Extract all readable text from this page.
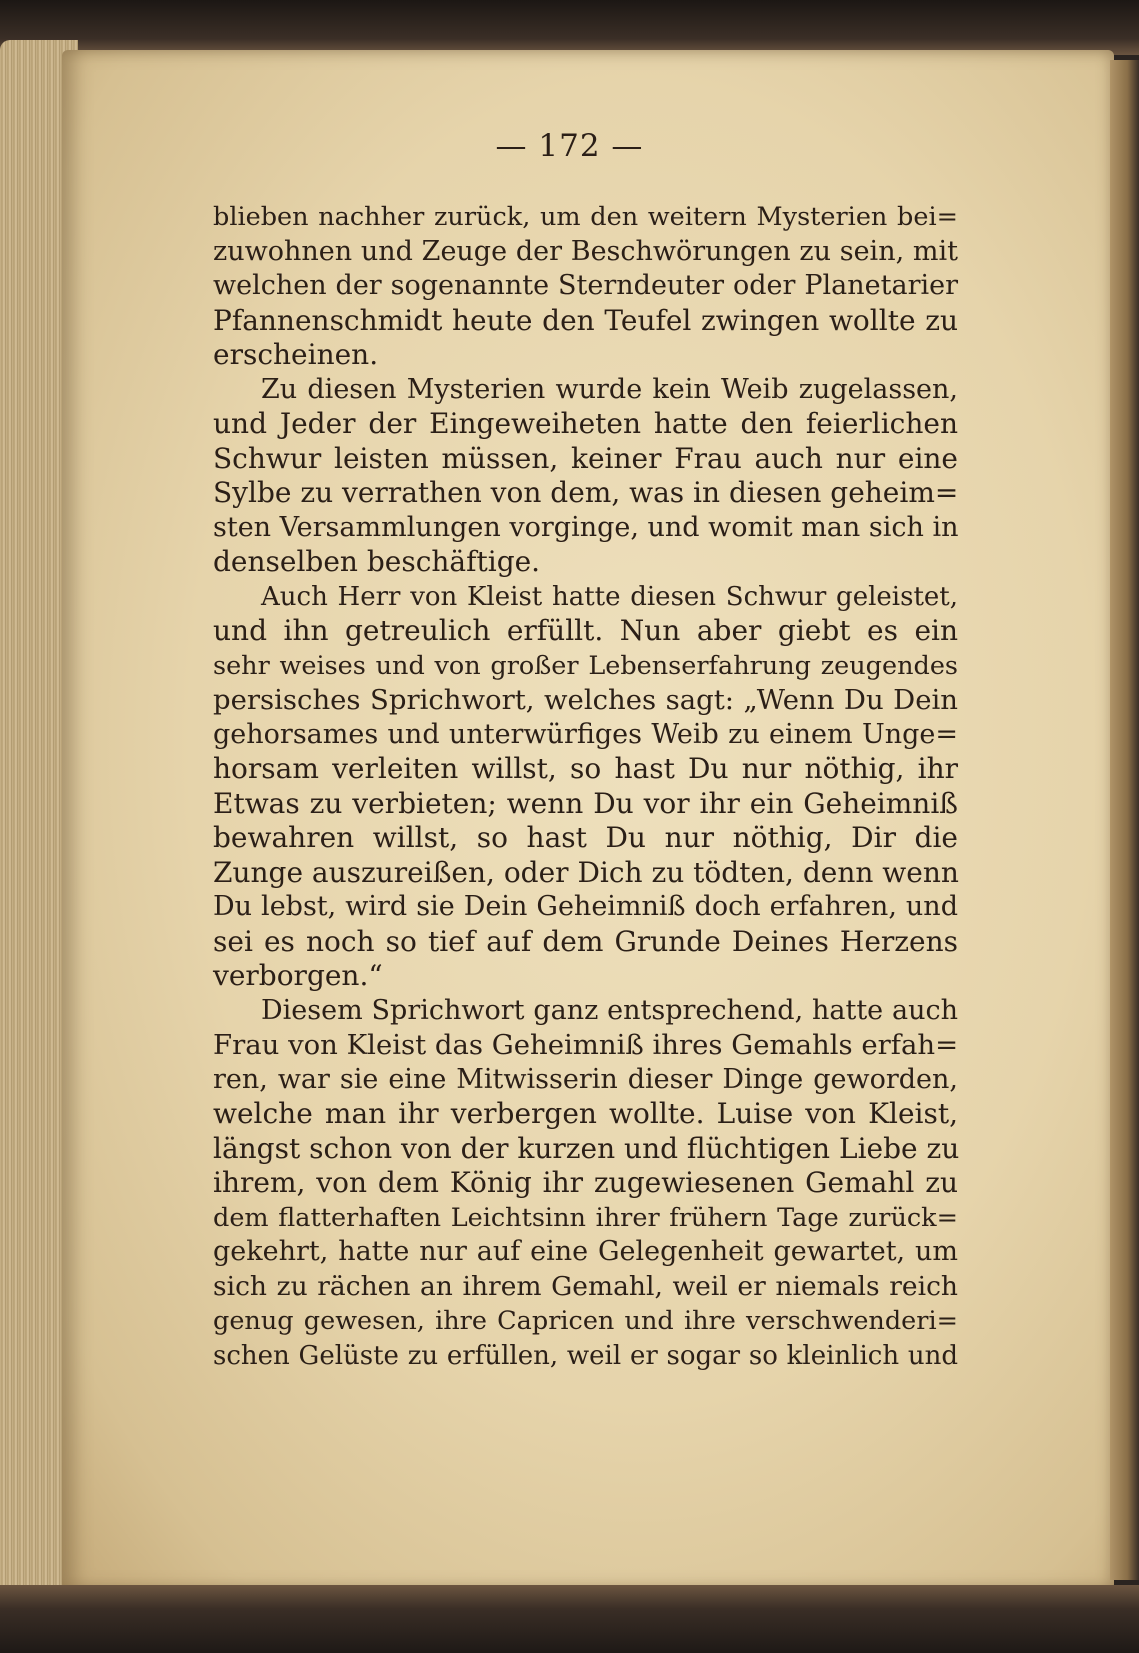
— 172 —
blieben nachher zurück, um den weitern Mysterien bei=
zuwohnen und Zeuge der Beschwörungen zu sein, mit
welchen der sogenannte Sterndeuter oder Planetarier
Pfannenschmidt heute den Teufel zwingen wollte zu
erscheinen.
Zu diesen Mysterien wurde kein Weib zugelassen,
und Jeder der Eingeweiheten hatte den feierlichen
Schwur leisten müssen, keiner Frau auch nur eine
Sylbe zu verrathen von dem, was in diesen geheim=
sten Versammlungen vorginge, und womit man sich in
denselben beschäftige.
Auch Herr von Kleist hatte diesen Schwur geleistet,
und ihn getreulich erfüllt. Nun aber giebt es ein
sehr weises und von großer Lebenserfahrung zeugendes
persisches Sprichwort, welches sagt: „Wenn Du Dein
gehorsames und unterwürfiges Weib zu einem Unge=
horsam verleiten willst, so hast Du nur nöthig, ihr
Etwas zu verbieten; wenn Du vor ihr ein Geheimniß
bewahren willst, so hast Du nur nöthig, Dir die
Zunge auszureißen, oder Dich zu tödten, denn wenn
Du lebst, wird sie Dein Geheimniß doch erfahren, und
sei es noch so tief auf dem Grunde Deines Herzens
verborgen.“
Diesem Sprichwort ganz entsprechend, hatte auch
Frau von Kleist das Geheimniß ihres Gemahls erfah=
ren, war sie eine Mitwisserin dieser Dinge geworden,
welche man ihr verbergen wollte. Luise von Kleist,
längst schon von der kurzen und flüchtigen Liebe zu
ihrem, von dem König ihr zugewiesenen Gemahl zu
dem flatterhaften Leichtsinn ihrer frühern Tage zurück=
gekehrt, hatte nur auf eine Gelegenheit gewartet, um
sich zu rächen an ihrem Gemahl, weil er niemals reich
genug gewesen, ihre Capricen und ihre verschwenderi=
schen Gelüste zu erfüllen, weil er sogar so kleinlich und
